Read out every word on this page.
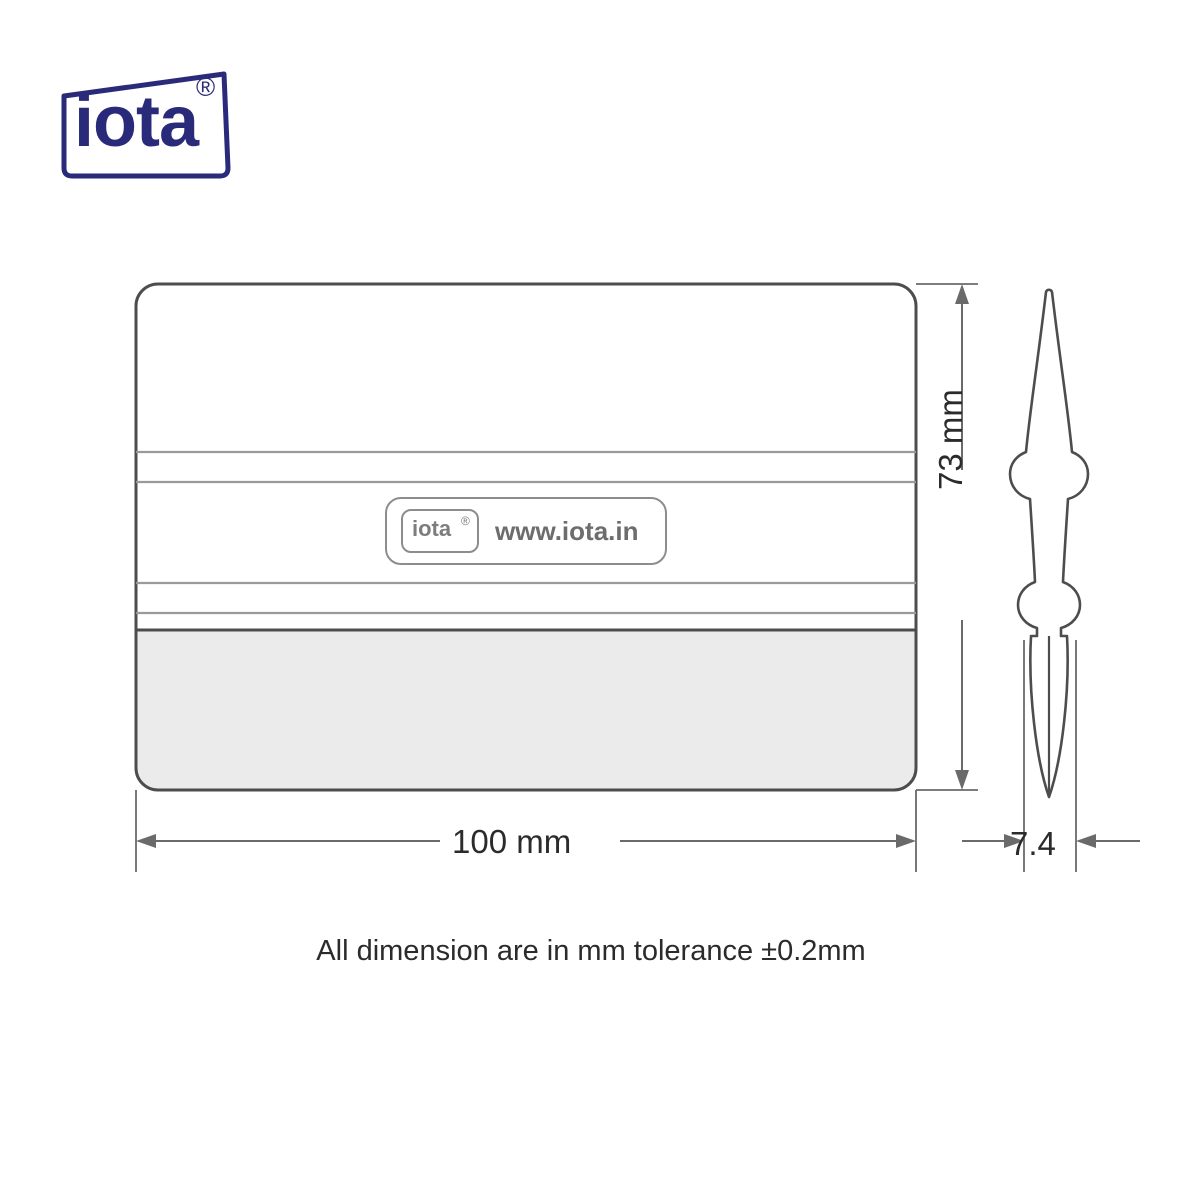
iota
®
iota ® www.iota.in
100 mm
73 mm
7.4
All dimension are in mm tolerance ±0.2mm
